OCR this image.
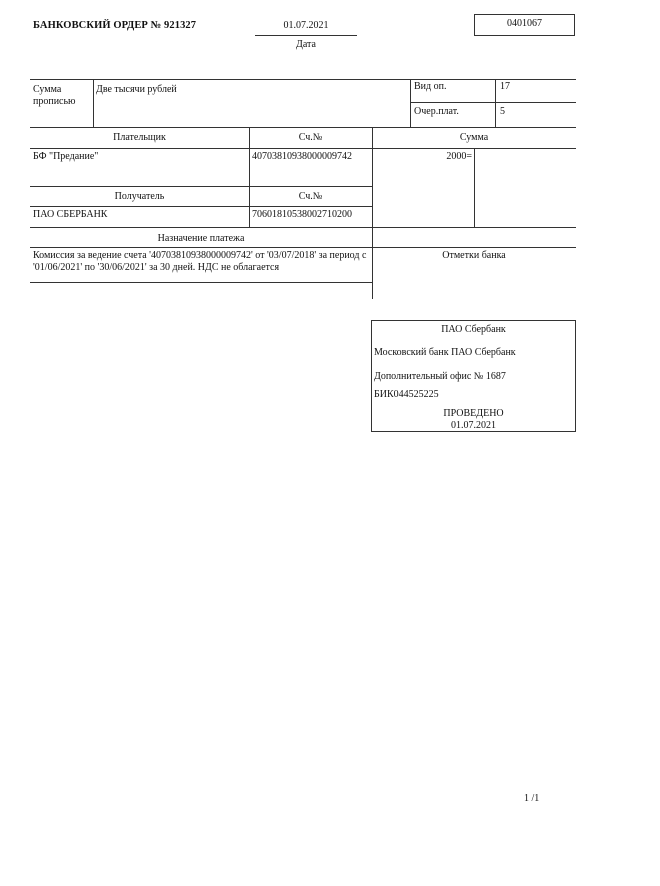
БАНКОВСКИЙ ОРДЕР № 921327	01.07.2021
Дата
0401067
Сумма прописью
Две тысячи рублей	Вид оп.	17
Очер.плат.	5
Плательщик	Сч.№	Сумма
БФ "Предание"	40703810938000009742	2000=
Получатель	Сч.№
ПАО СБЕРБАНК	70601810538002710200
Назначение платежа
Комиссия за ведение счета '40703810938000009742' от '03/07/2018' за период с '01/06/2021' по '30/06/2021' за 30 дней. НДС не облагается
Отметки банка
ПАО Сбербанк
Московский банк ПАО Сбербанк
Дополнительный офис № 1687
БИК044525225
ПРОВЕДЕНО
01.07.2021
1 /1
